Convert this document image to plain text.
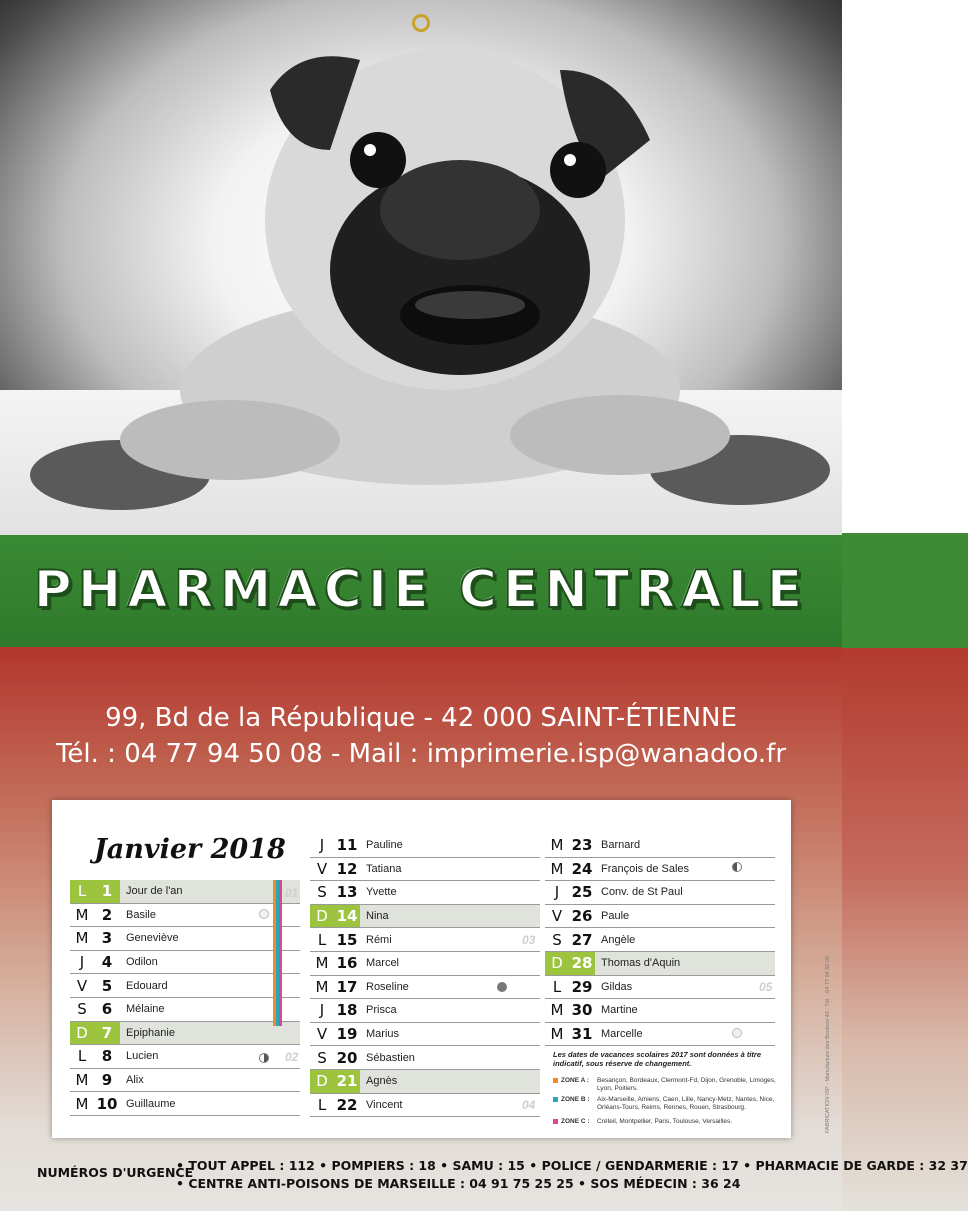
PHARMACIE CENTRALE
99, Bd de la République - 42 000 SAINT-ÉTIENNE
Tél. : 04 77 94 50 08 - Mail : imprimerie.isp@wanadoo.fr
Janvier 2018
L	1	Jour de l'an
M 2	Basile
M 3	Geneviève
J	4	Odilon
V 5	Edouard
S	6	Mélaine
D 7	Epiphanie
L	8	Lucien
M 9	Alix
M 10 Guillaume
J 11 Pauline
V 12 Tatiana
S 13 Yvette
D 14 Nina
L 15 Rémi
M 16 Marcel
M 17 Roseline
J 18 Prisca
V 19 Marius
S 20 Sébastien
D 21 Agnès
L 22 Vincent
M 23 Barnard
M 24 François de Sales
J 25 Conv. de St Paul
V 26 Paule
S 27 Angèle
D 28 Thomas d'Aquin
L 29 Gildas
M 30 Martine
M 31 Marcelle
01
02
03
04
05
Les dates de vacances scolaires 2017 sont données à titre indicatif, sous réserve de changement.
ZONE A :	Besançon, Bordeaux, Clermont-Fd, Dijon, Grenoble, Limoges, Lyon, Poitiers.
ZONE B :	Aix-Marseille, Amiens, Caen, Lille, Nancy-Metz, Nantes, Nice, Orléans-Tours, Reims, Rennes, Rouen, Strasbourg.
ZONE C :	Créteil, Montpellier, Paris, Toulouse, Versailles.	FABRICATION ISP - Manufacture des Boutons 42 - Tél. : 04 77 94 50 08
NUMÉROS D'URGENCE
• TOUT APPEL : 112 • POMPIERS : 18 • SAMU : 15 • POLICE / GENDARMERIE : 17 • PHARMACIE DE GARDE : 32 37
• CENTRE ANTI-POISONS DE MARSEILLE : 04 91 75 25 25 • SOS MÉDECIN : 36 24
